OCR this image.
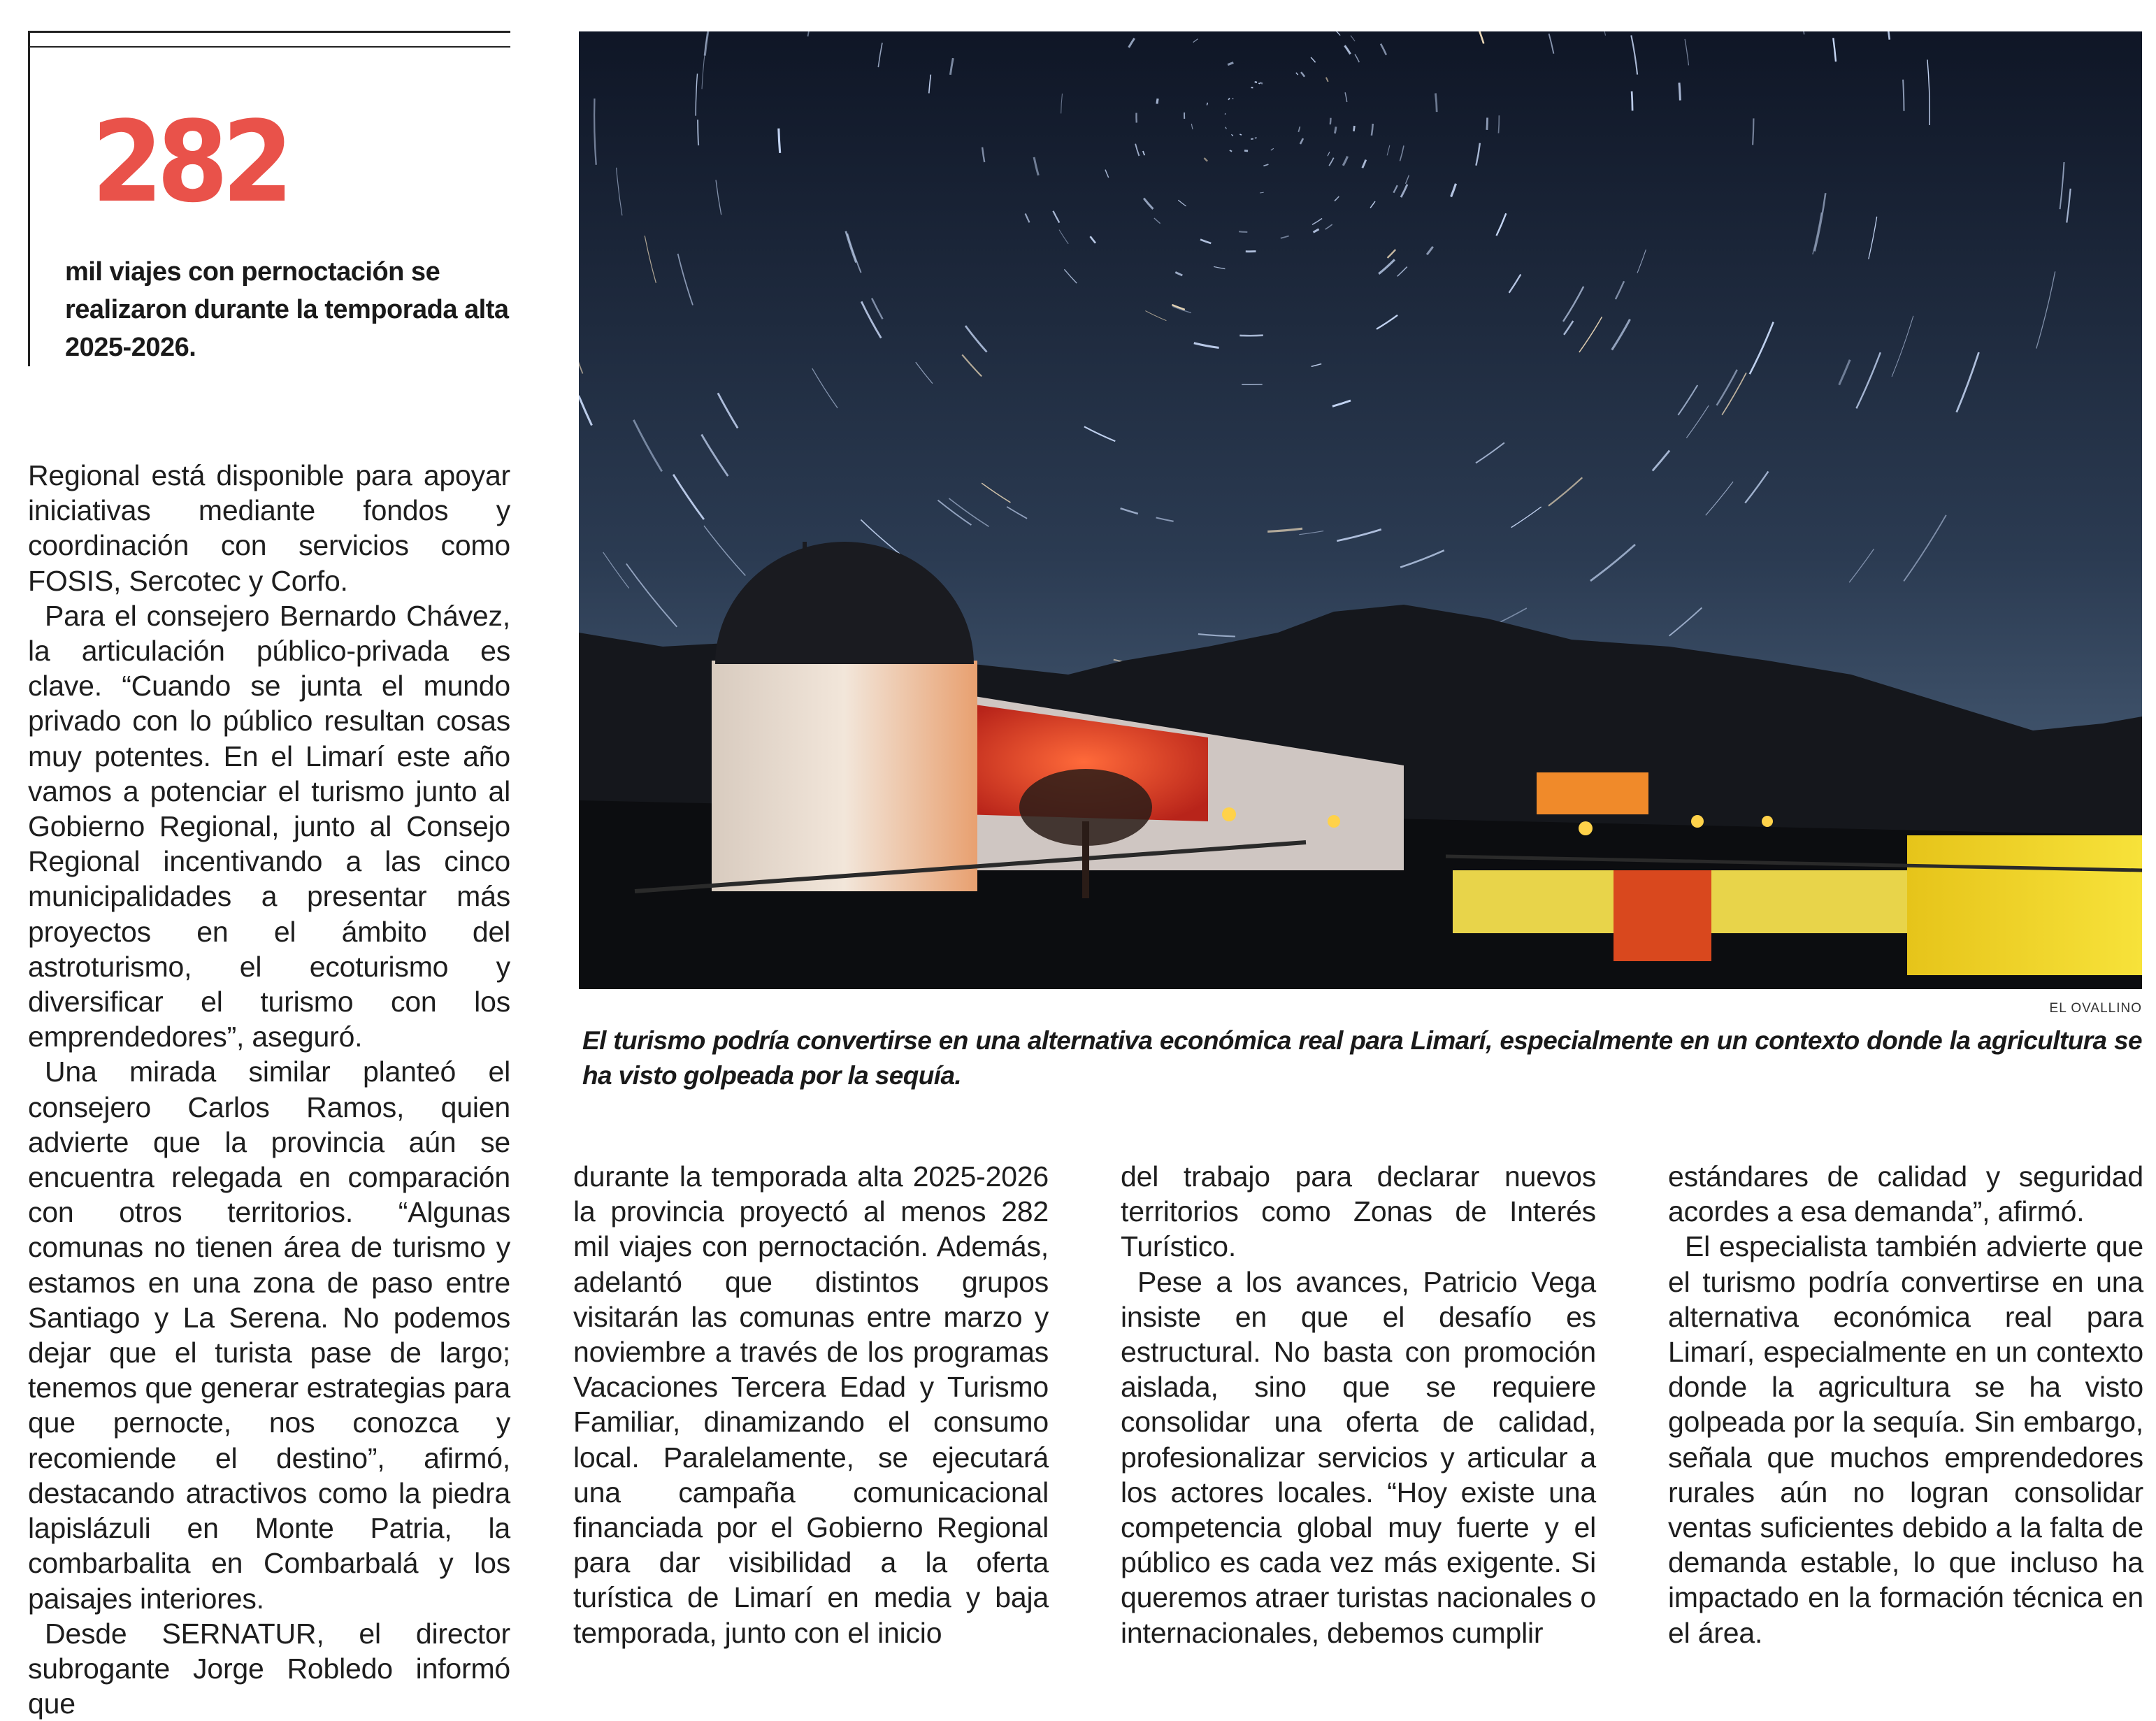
282
mil viajes con pernoctación se realizaron durante la temporada alta 2025-2026.

Regional está disponible para apoyar iniciativas mediante fondos y coordinación con servicios como FOSIS, Sercotec y Corfo.

Para el consejero Bernardo Chávez, la articulación público-privada es clave. “Cuando se junta el mundo privado con lo público resultan cosas muy potentes. En el Limarí este año vamos a potenciar el turismo junto al Gobierno Regional, junto al Consejo Regional incentivando a las cinco municipalidades a presentar más proyectos en el ámbito del astroturismo, el ecoturismo y diversificar el turismo con los emprendedores”, aseguró.

Una mirada similar planteó el consejero Carlos Ramos, quien advierte que la provincia aún se encuentra relegada en comparación con otros territorios. “Algunas comunas no tienen área de turismo y estamos en una zona de paso entre Santiago y La Serena. No podemos dejar que el turista pase de largo; tenemos que generar estrategias para que pernocte, nos conozca y recomiende el destino”, afirmó, destacando atractivos como la piedra lapislázuli en Monte Patria, la combarbalita en Combarbalá y los paisajes interiores.

Desde SERNATUR, el director subrogante Jorge Robledo informó que

EL OVALLINO
El turismo podría convertirse en una alternativa económica real para Limarí, especialmente en un contexto donde la agricultura se ha visto golpeada por la sequía.

durante la temporada alta 2025-2026 la provincia proyectó al menos 282 mil viajes con pernoctación. Además, adelantó que distintos grupos visitarán las comunas entre marzo y noviembre a través de los programas Vacaciones Tercera Edad y Turismo Familiar, dinamizando el consumo local. Paralelamente, se ejecutará una campaña comunicacional financiada por el Gobierno Regional para dar visibilidad a la oferta turística de Limarí en media y baja temporada, junto con el inicio

del trabajo para declarar nuevos territorios como Zonas de Interés Turístico.

Pese a los avances, Patricio Vega insiste en que el desafío es estructural. No basta con promoción aislada, sino que se requiere consolidar una oferta de calidad, profesionalizar servicios y articular a los actores locales. “Hoy existe una competencia global muy fuerte y el público es cada vez más exigente. Si queremos atraer turistas nacionales o internacionales, debemos cumplir

estándares de calidad y seguridad acordes a esa demanda”, afirmó.

El especialista también advierte que el turismo podría convertirse en una alternativa económica real para Limarí, especialmente en un contexto donde la agricultura se ha visto golpeada por la sequía. Sin embargo, señala que muchos emprendedores rurales aún no logran consolidar ventas suficientes debido a la falta de demanda estable, lo que incluso ha impactado en la formación técnica en el área.
